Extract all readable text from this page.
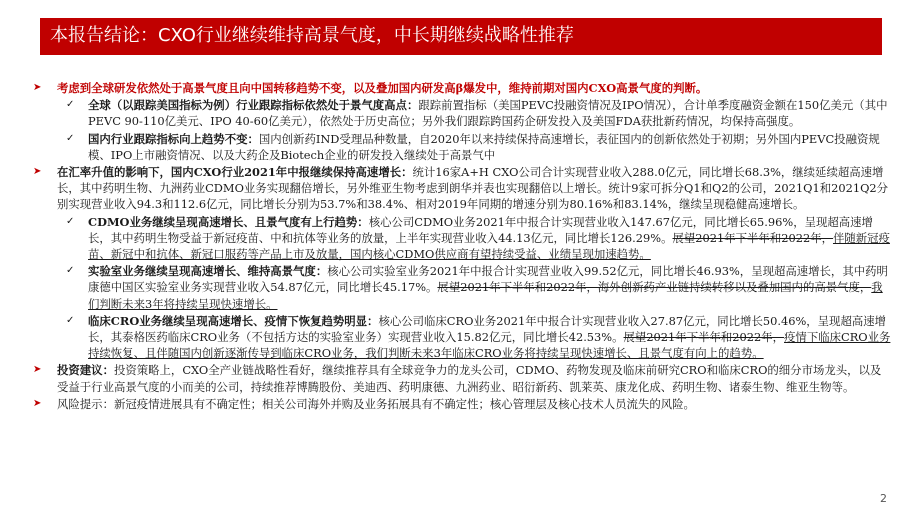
本报告结论：CXO行业继续维持高景气度，中长期继续战略性推荐

➤ 考虑到全球研发依然处于高景气度且向中国转移趋势不变，以及叠加国内研发高β爆发中，维持前期对国内CXO高景气度的判断。

✓ 全球（以跟踪美国指标为例）行业跟踪指标依然处于景气度高点：跟踪前置指标（美国PEVC投融资情况及IPO情况），合计单季度融资金额在150亿美元（其中PEVC 90-110亿美元、IPO 40-60亿美元），依然处于历史高位；另外我们跟踪跨国药企研发投入及美国FDA获批新药情况，均保持高强度。

✓ 国内行业跟踪指标向上趋势不变：国内创新药IND受理品种数量，自2020年以来持续保持高速增长，表征国内的创新依然处于初期；另外国内PEVC投融资规模、IPO上市融资情况、以及大药企及Biotech企业的研发投入继续处于高景气中

➤ 在汇率升值的影响下，国内CXO行业2021年中报继续保持高速增长：统计16家A+H CXO公司合计实现营业收入288.0亿元，同比增长68.3%，继续延续超高速增长，其中药明生物、九洲药业CDMO业务实现翻倍增长，另外维亚生物考虑到朗华并表也实现翻倍以上增长。统计9家可拆分Q1和Q2的公司，2021Q1和2021Q2分别实现营业收入94.3和112.6亿元，同比增长分别为53.7%和38.4%、相对2019年同期的增速分别为80.16%和83.14%，继续呈现稳健高速增长。

✓ CDMO业务继续呈现高速增长、且景气度有上行趋势：核心公司CDMO业务2021年中报合计实现营业收入147.67亿元，同比增长65.96%，呈现超高速增长，其中药明生物受益于新冠疫苗、中和抗体等业务的放量，上半年实现营业收入44.13亿元，同比增长126.29%。展望2021年下半年和2022年，伴随新冠疫苗、新冠中和抗体、新冠口服药等产品上市及放量，国内核心CDMO供应商有望持续受益、业绩呈现加速趋势。

✓ 实验室业务继续呈现高速增长、维持高景气度：核心公司实验室业务2021年中报合计实现营业收入99.52亿元，同比增长46.93%，呈现超高速增长，其中药明康德中国区实验室业务实现营业收入54.87亿元，同比增长45.17%。展望2021年下半年和2022年，海外创新药产业链持续转移以及叠加国内的高景气度，我们判断未来3年将持续呈现快速增长。

✓ 临床CRO业务继续呈现高速增长、疫情下恢复趋势明显：核心公司临床CRO业务2021年中报合计实现营业收入27.87亿元，同比增长50.46%，呈现超高速增长，其泰格医药临床CRO业务（不包括方达的实验室业务）实现营业收入15.82亿元，同比增长42.53%。展望2021年下半年和2022年，疫情下临床CRO业务持续恢复、且伴随国内创新逐渐传导到临床CRO业务，我们判断未来3年临床CRO业务将持续呈现快速增长、且景气度有向上的趋势。

➤ 投资建议：投资策略上，CXO全产业链战略性看好，继续推荐具有全球竞争力的龙头公司，CDMO、药物发现及临床前研究CRO和临床CRO的细分市场龙头，以及受益于行业高景气度的小而美的公司，持续推荐博腾股份、美迪西、药明康德、九洲药业、昭衍新药、凯莱英、康龙化成、药明生物、诸泰生物、维亚生物等。

➤ 风险提示：新冠疫情进展具有不确定性；相关公司海外并购及业务拓展具有不确定性；核心管理层及核心技术人员流失的风险。

2
